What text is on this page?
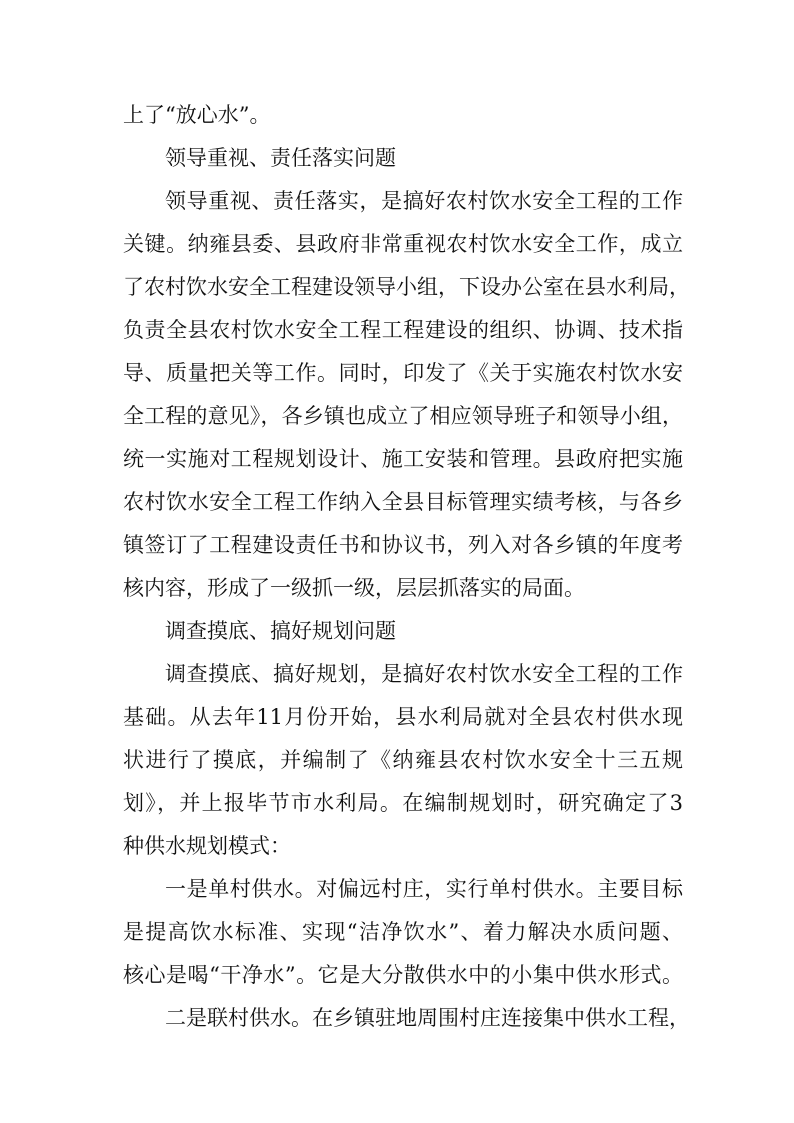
上了“放心水”。
领导重视、责任落实问题
领导重视、责任落实，是搞好农村饮水安全工程的工作
关键。纳雍县委、县政府非常重视农村饮水安全工作，成立
了农村饮水安全工程建设领导小组，下设办公室在县水利局，
负责全县农村饮水安全工程工程建设的组织、协调、技术指
导、质量把关等工作。同时，印发了《关于实施农村饮水安
全工程的意见》，各乡镇也成立了相应领导班子和领导小组，
统一实施对工程规划设计、施工安装和管理。县政府把实施
农村饮水安全工程工作纳入全县目标管理实绩考核，与各乡
镇签订了工程建设责任书和协议书，列入对各乡镇的年度考
核内容，形成了一级抓一级，层层抓落实的局面。
调查摸底、搞好规划问题
调查摸底、搞好规划，是搞好农村饮水安全工程的工作
基础。从去年11月份开始，县水利局就对全县农村供水现
状进行了摸底，并编制了《纳雍县农村饮水安全十三五规
划》，并上报毕节市水利局。在编制规划时，研究确定了3
种供水规划模式：
一是单村供水。对偏远村庄，实行单村供水。主要目标
是提高饮水标准、实现“洁净饮水”、着力解决水质问题、
核心是喝“干净水”。它是大分散供水中的小集中供水形式。
二是联村供水。在乡镇驻地周围村庄连接集中供水工程，
